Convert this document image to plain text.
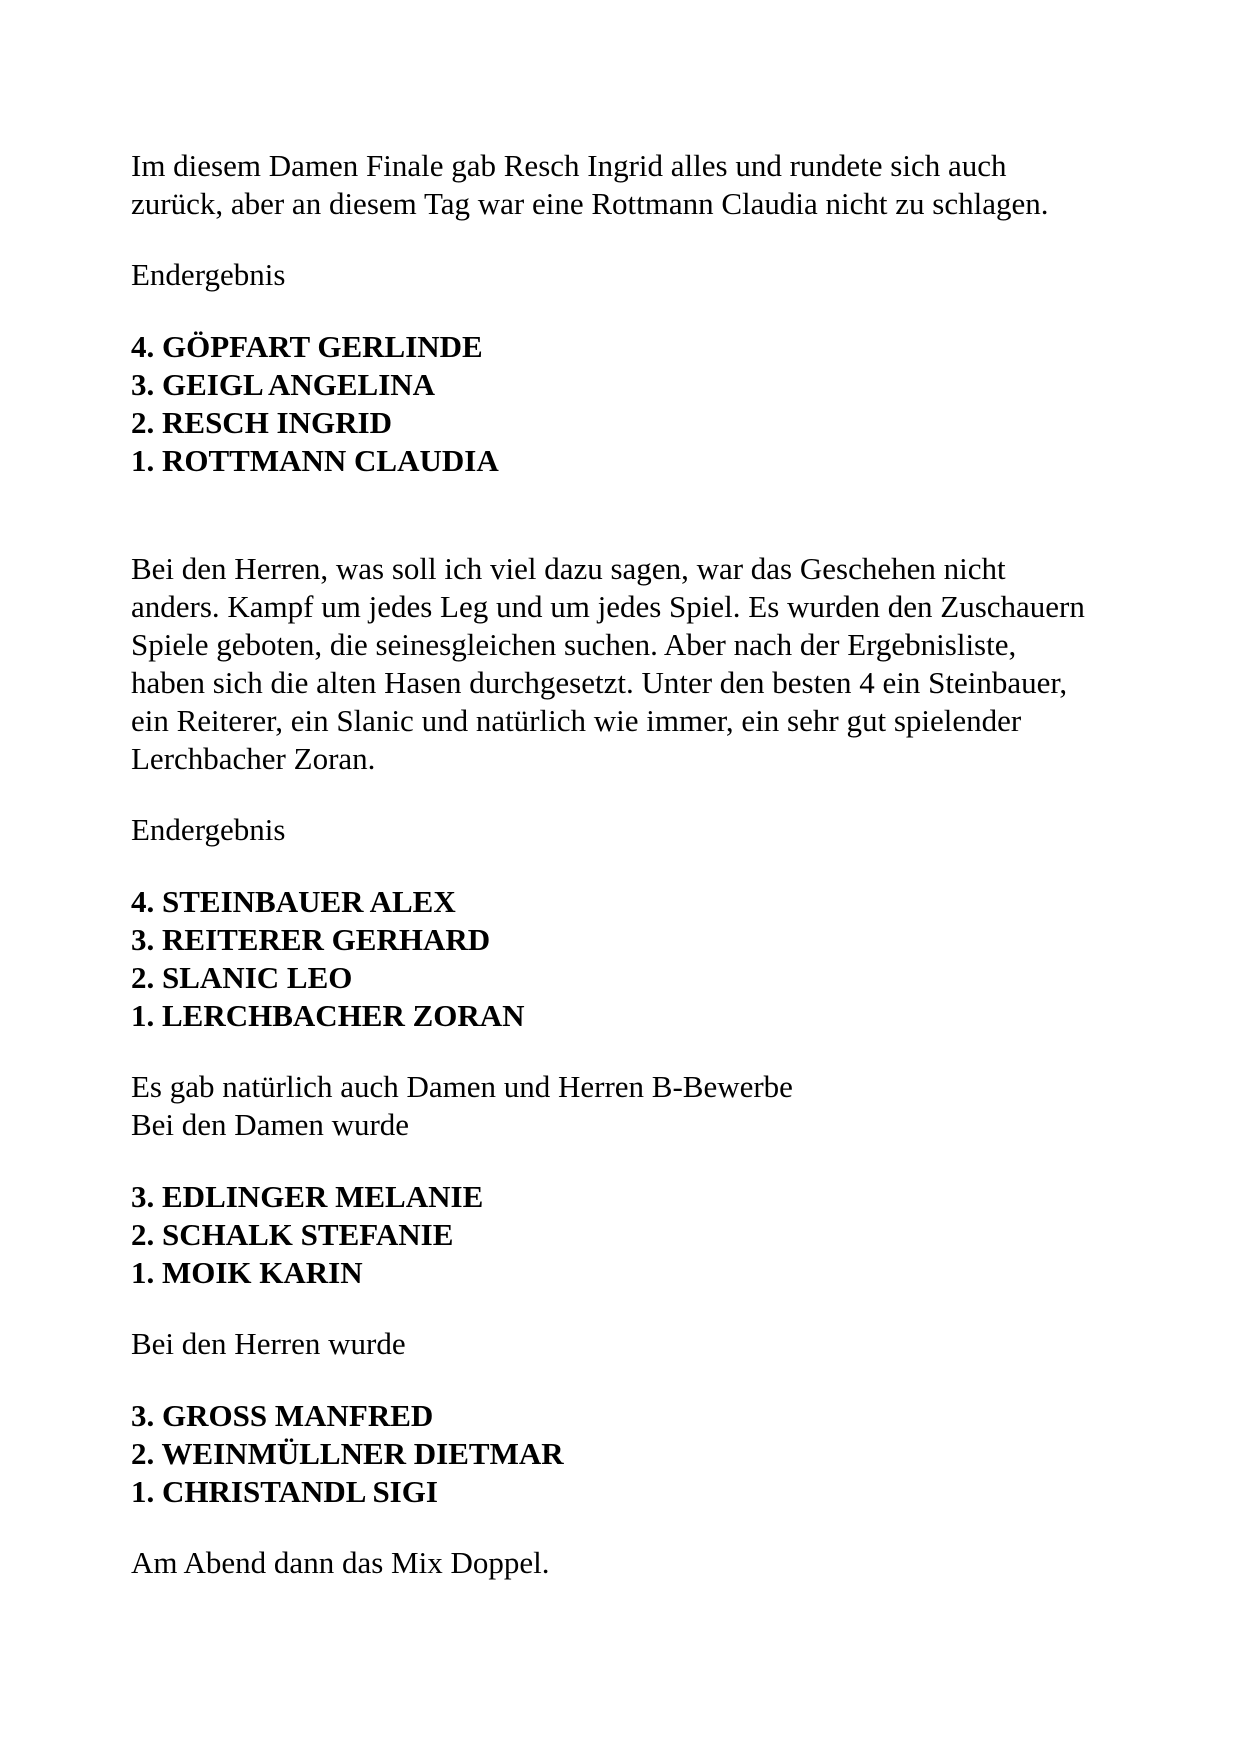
Im diesem Damen Finale gab Resch Ingrid alles und rundete sich auch
zurück, aber an diesem Tag war eine Rottmann Claudia nicht zu schlagen.
Endergebnis
4. GÖPFART GERLINDE
3. GEIGL ANGELINA
2. RESCH INGRID
1. ROTTMANN CLAUDIA
Bei den Herren, was soll ich viel dazu sagen, war das Geschehen nicht
anders. Kampf um jedes Leg und um jedes Spiel. Es wurden den Zuschauern
Spiele geboten, die seinesgleichen suchen. Aber nach der Ergebnisliste,
haben sich die alten Hasen durchgesetzt. Unter den besten 4 ein Steinbauer,
ein Reiterer, ein Slanic und natürlich wie immer, ein sehr gut spielender
Lerchbacher Zoran.
Endergebnis
4. STEINBAUER ALEX
3. REITERER GERHARD
2. SLANIC LEO
1. LERCHBACHER ZORAN
Es gab natürlich auch Damen und Herren B-Bewerbe
Bei den Damen wurde
3. EDLINGER MELANIE
2. SCHALK STEFANIE
1. MOIK KARIN
Bei den Herren wurde
3. GROSS MANFRED
2. WEINMÜLLNER DIETMAR
1. CHRISTANDL SIGI
Am Abend dann das Mix Doppel.
